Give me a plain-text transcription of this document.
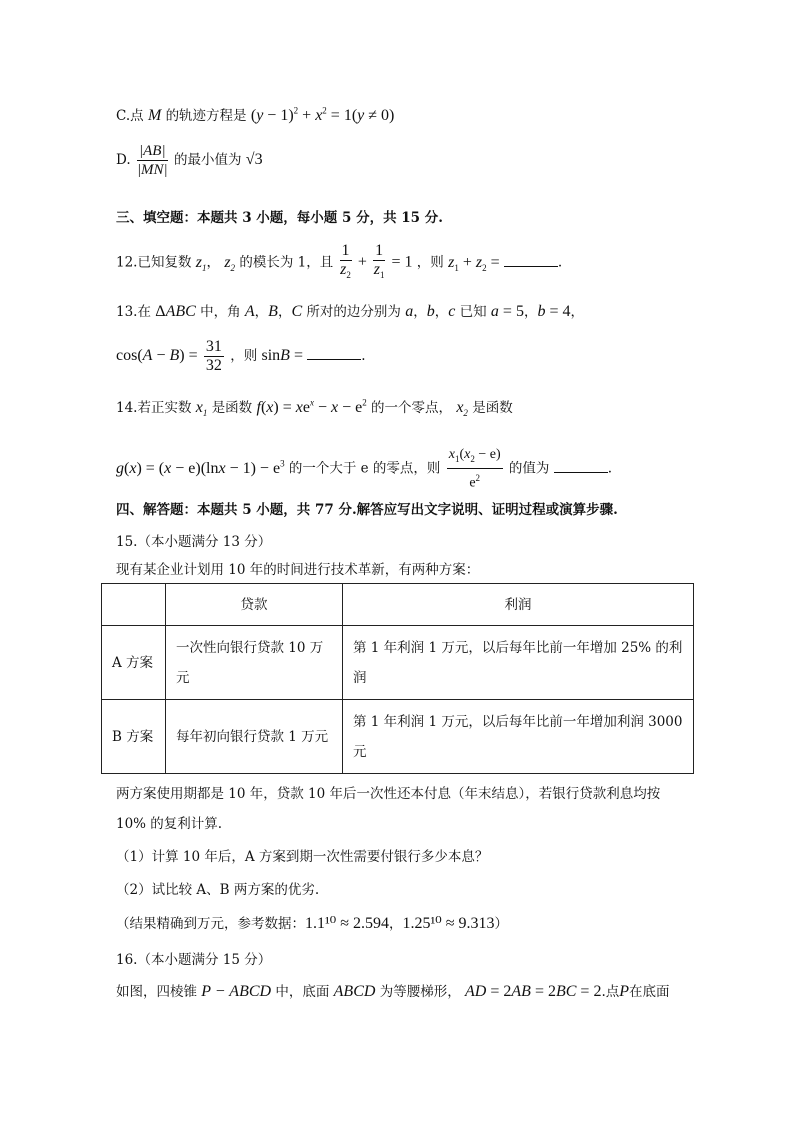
C.点 M 的轨迹方程是 $(y - 1)^2 + x^2 = 1(y \ne 0)$
D. $\frac{|AB|}{|MN|}$ 的最小值为 √3
三、填空题：本题共 3 小题，每小题 5 分，共 15 分.
12.已知复数 $z_1$， $z_2$ 的模长为 1，且 $\frac{1}{z_2} + \frac{1}{z_1} = 1$ ，则 $z_1 + z_2$ =	.
13.在 ΔABC 中，角 A，B，C 所对的边分别为 a，b，c 已知 a = 5，b = 4，
$\cos(A - B) = \frac{31}{32}$ ，则 sinB =	.
14.若正实数 $x_1$ 是函数 $f(x) = xe^x - x - e^2$ 的一个零点， $x_2$ 是函数
$g(x) = (x - e)(\ln x - 1) - e^3$ 的一个大于 e 的零点，则 $\frac{x_1(x_2 - e)}{e^2}$ 的值为	.
四、解答题：本题共 5 小题，共 77 分.解答应写出文字说明、证明过程或演算步骤.
15.（本小题满分 13 分）
现有某企业计划用 10 年的时间进行技术革新，有两种方案：
	贷款	利润
A 方案	一次性向银行贷款 10 万元	第 1 年利润 1 万元，以后每年比前一年增加 25% 的利润
B 方案	每年初向银行贷款 1 万元	第 1 年利润 1 万元，以后每年比前一年增加利润 3000 元
两方案使用期都是 10 年，贷款 10 年后一次性还本付息（年末结息），若银行贷款利息均按
10% 的复利计算.
（1）计算 10 年后，A 方案到期一次性需要付银行多少本息？
（2）试比较 A、B 两方案的优劣.
（结果精确到万元，参考数据：1.1¹⁰ ≈ 2.594，1.25¹⁰ ≈ 9.313）
16.（本小题满分 15 分）
如图，四棱锥 P − ABCD 中，底面 ABCD 为等腰梯形， AD = 2AB = 2BC = 2.点P在底面
